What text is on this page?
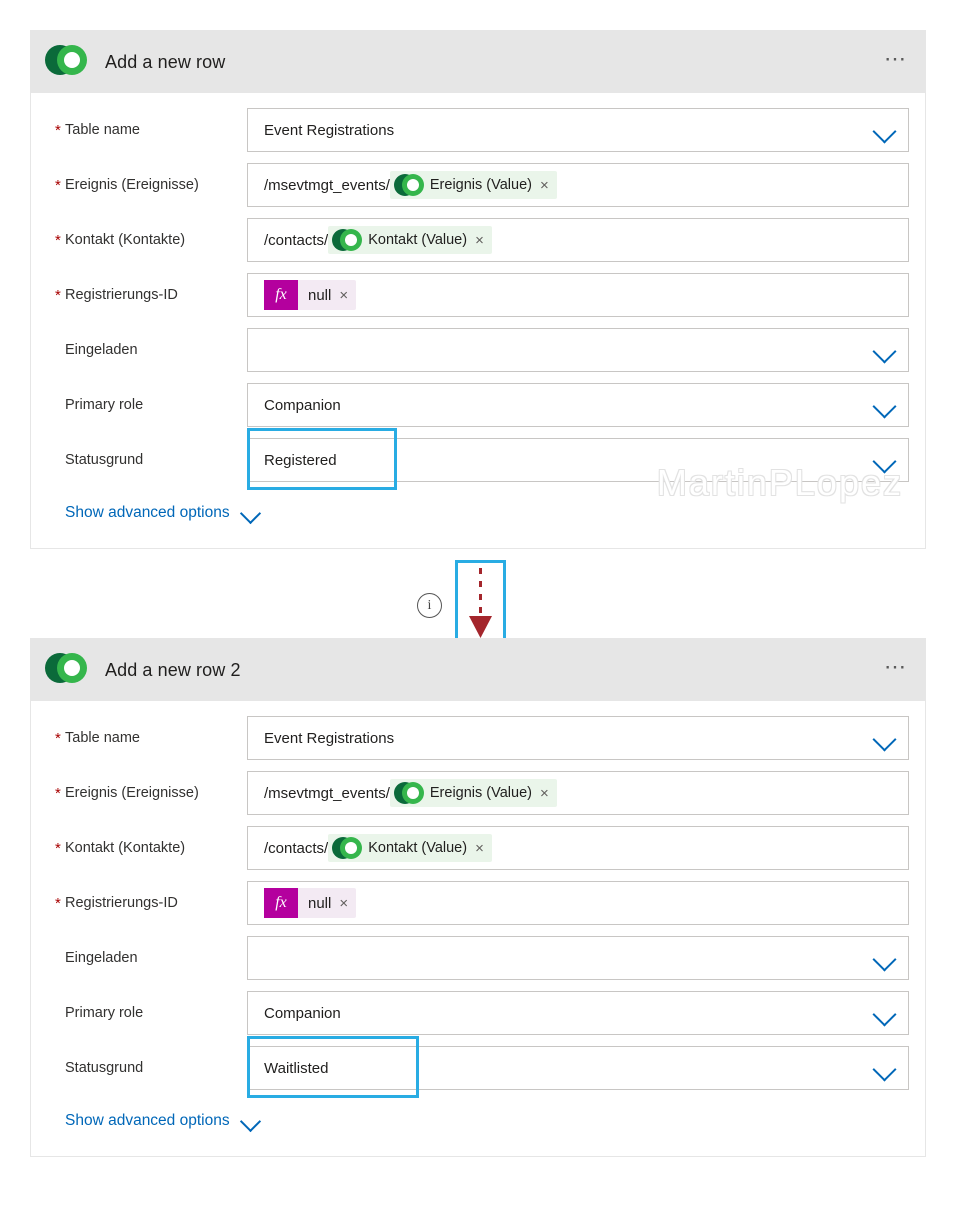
Add a new row	⋯
* Table name	Event Registrations
* Ereignis (Ereignisse)	/msevtmgt_events/	Ereignis (Value) ×
* Kontakt (Kontakte)	/contacts/	Kontakt (Value) ×
* Registrierungs-ID	fx	null ×
Eingeladen
Primary role	Companion
Statusgrund	Registered
Show advanced options
MartinPLopez
i
Add a new row 2	⋯
* Table name	Event Registrations
* Ereignis (Ereignisse)	/msevtmgt_events/	Ereignis (Value) ×
* Kontakt (Kontakte)	/contacts/	Kontakt (Value) ×
* Registrierungs-ID	fx	null ×
Eingeladen
Primary role	Companion
Statusgrund	Waitlisted
Show advanced options
